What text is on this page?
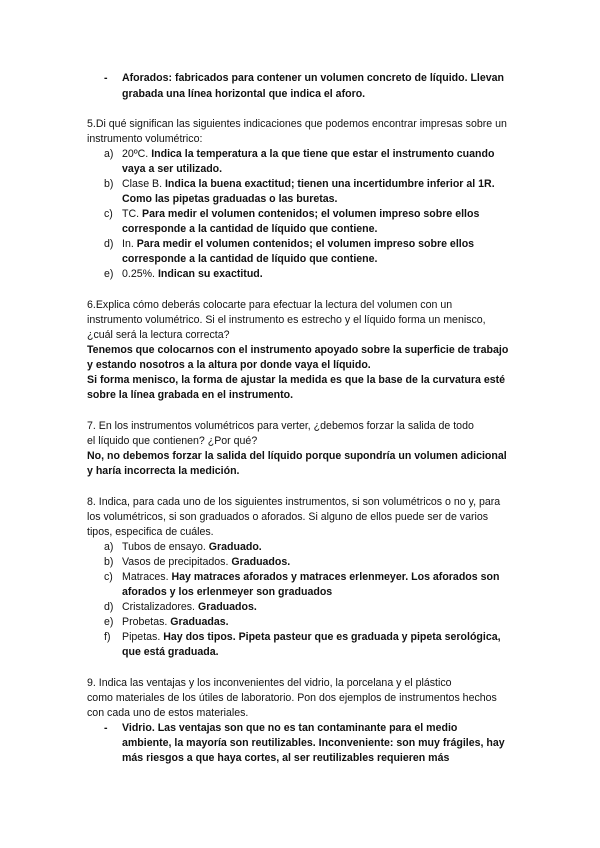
- Aforados: fabricados para contener un volumen concreto de líquido. Llevan
grabada una línea horizontal que indica el aforo.
5.Di qué significan las siguientes indicaciones que podemos encontrar impresas sobre un
instrumento volumétrico:
a) 20ºC. Indica la temperatura a la que tiene que estar el instrumento cuando
vaya a ser utilizado.
b) Clase B. Indica la buena exactitud; tienen una incertidumbre inferior al 1R.
Como las pipetas graduadas o las buretas.
c) TC. Para medir el volumen contenidos; el volumen impreso sobre ellos
corresponde a la cantidad de líquido que contiene.
d) In. Para medir el volumen contenidos; el volumen impreso sobre ellos
corresponde a la cantidad de líquido que contiene.
e) 0.25%. Indican su exactitud.
6.Explica cómo deberás colocarte para efectuar la lectura del volumen con un
instrumento volumétrico. Si el instrumento es estrecho y el líquido forma un menisco,
¿cuál será la lectura correcta?
Tenemos que colocarnos con el instrumento apoyado sobre la superficie de trabajo
y estando nosotros a la altura por donde vaya el líquido.
Si forma menisco, la forma de ajustar la medida es que la base de la curvatura esté
sobre la línea grabada en el instrumento.
7. En los instrumentos volumétricos para verter, ¿debemos forzar la salida de todo
el líquido que contienen? ¿Por qué?
No, no debemos forzar la salida del líquido porque supondría un volumen adicional
y haría incorrecta la medición.
8. Indica, para cada uno de los siguientes instrumentos, si son volumétricos o no y, para
los volumétricos, si son graduados o aforados. Si alguno de ellos puede ser de varios
tipos, especifica de cuáles.
a) Tubos de ensayo. Graduado.
b) Vasos de precipitados. Graduados.
c) Matraces. Hay matraces aforados y matraces erlenmeyer. Los aforados son
aforados y los erlenmeyer son graduados
d) Cristalizadores. Graduados.
e) Probetas. Graduadas.
f) Pipetas. Hay dos tipos. Pipeta pasteur que es graduada y pipeta serológica,
que está graduada.
9. Indica las ventajas y los inconvenientes del vidrio, la porcelana y el plástico
como materiales de los útiles de laboratorio. Pon dos ejemplos de instrumentos hechos
con cada uno de estos materiales.
- Vidrio. Las ventajas son que no es tan contaminante para el medio
ambiente, la mayoría son reutilizables. Inconveniente: son muy frágiles, hay
más riesgos a que haya cortes, al ser reutilizables requieren más
